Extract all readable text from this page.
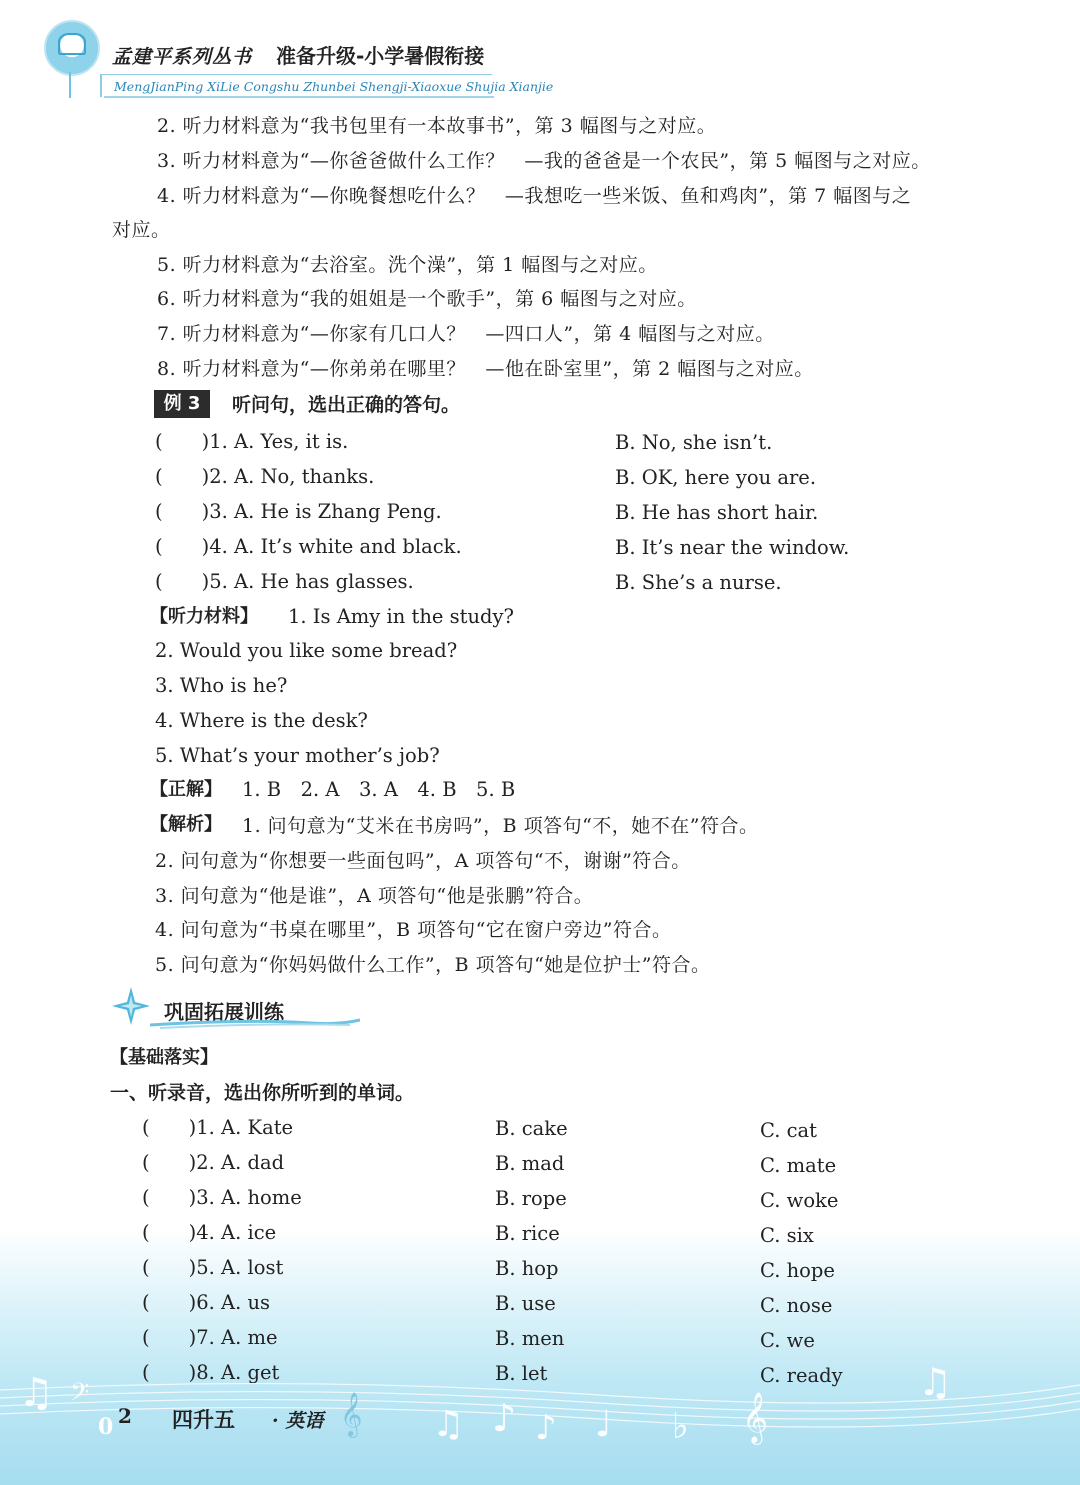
孟建平系列丛书 准备升级-小学暑假衔接
MengJianPing XiLie Congshu Zhunbei Shengji-Xiaoxue Shujia Xianjie
2. 听力材料意为“我书包里有一本故事书”，第 3 幅图与之对应。
3. 听力材料意为“—你爸爸做什么工作？　—我的爸爸是一个农民”，第 5 幅图与之对应。
4. 听力材料意为“—你晚餐想吃什么？　—我想吃一些米饭、鱼和鸡肉”，第 7 幅图与之
对应。
5. 听力材料意为“去浴室。洗个澡”，第 1 幅图与之对应。
6. 听力材料意为“我的姐姐是一个歌手”，第 6 幅图与之对应。
7. 听力材料意为“—你家有几口人？　—四口人”，第 4 幅图与之对应。
8. 听力材料意为“—你弟弟在哪里？　—他在卧室里”，第 2 幅图与之对应。
例 3	听问句，选出正确的答句。
(　　)1. A. Yes, it is.	B. No, she isn’t.
(　　)2. A. No, thanks.	B. OK, here you are.
(　　)3. A. He is Zhang Peng.	B. He has short hair.
(　　)4. A. It’s white and black.	B. It’s near the window.
(　　)5. A. He has glasses.	B. She’s a nurse.
【听力材料】 1. Is Amy in the study?
2. Would you like some bread?
3. Who is he?
4. Where is the desk?
5. What’s your mother’s job?
【正解】 1. B　2. A　3. A　4. B　5. B
【解析】 1. 问句意为“艾米在书房吗”，B 项答句“不，她不在”符合。
2. 问句意为“你想要一些面包吗”，A 项答句“不，谢谢”符合。
3. 问句意为“他是谁”，A 项答句“他是张鹏”符合。
4. 问句意为“书桌在哪里”，B 项答句“它在窗户旁边”符合。
5. 问句意为“你妈妈做什么工作”，B 项答句“她是位护士”符合。
巩固拓展训练
【基础落实】
一、听录音，选出你所听到的单词。
(　　)1. A. Kate	B. cake	C. cat
(　　)2. A. dad	B. mad	C. mate
(　　)3. A. home	B. rope	C. woke
(　　)4. A. ice	B. rice	C. six
(　　)5. A. lost	B. hop	C. hope
(　　)6. A. us	B. use	C. nose
(　　)7. A. me	B. men	C. we
(　　)8. A. get	B. let	C. ready
♫ 𝄢	𝄞 ♫ ♪ ♪ ♩ ♭ 𝄞
♫
0 2 四升五 · 英语
